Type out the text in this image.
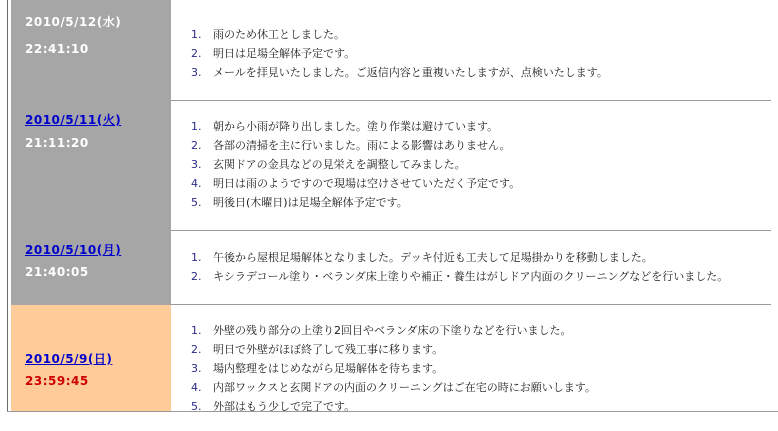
2010/5/12(水)
22:41:10
1.	雨のため休工としました。
2.	明日は足場全解体予定です。
3.	メールを拝見いたしました。ご返信内容と重複いたしますが、点検いたします。
2010/5/11(火)
21:11:20
1.	朝から小雨が降り出しました。塗り作業は避けています。
2.	各部の清掃を主に行いました。雨による影響はありません。
3.	玄関ドアの金具などの見栄えを調整してみました。
4.	明日は雨のようですので現場は空けさせていただく予定です。
5.	明後日(木曜日)は足場全解体予定です。
2010/5/10(月)
21:40:05
1.	午後から屋根足場解体となりました。デッキ付近も工夫して足場掛かりを移動しました。
2.	キシラデコール塗り・ベランダ床上塗りや補正・養生はがしドア内面のクリーニングなどを行いました。
2010/5/9(日)
23:59:45
1.	外壁の残り部分の上塗り2回目やベランダ床の下塗りなどを行いました。
2.	明日で外壁がほぼ終了して残工事に移ります。
3.	場内整理をはじめながら足場解体を待ちます。
4.	内部ワックスと玄関ドアの内面のクリーニングはご在宅の時にお願いします。
5.	外部はもう少しで完了です。
